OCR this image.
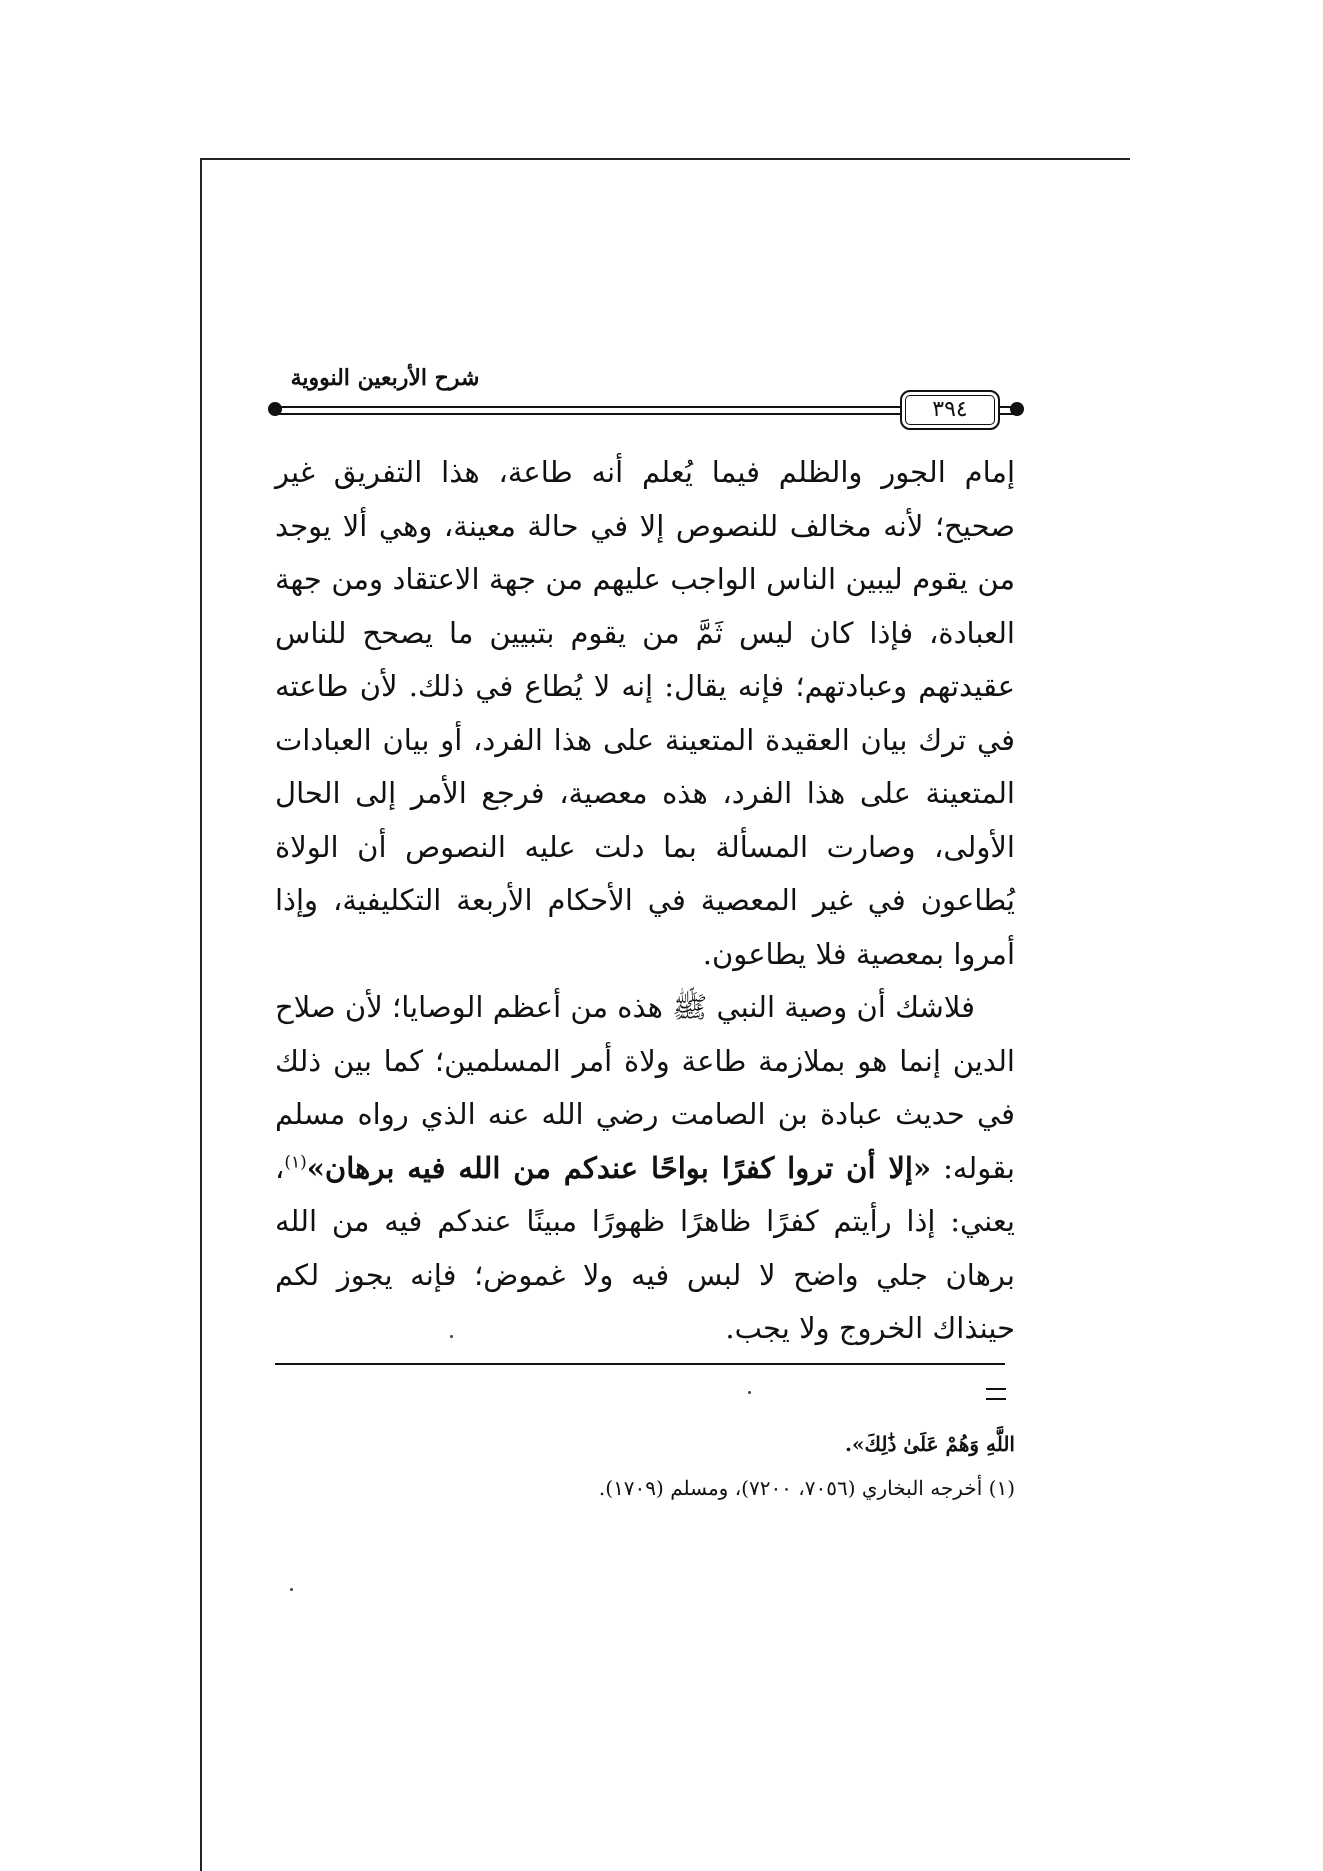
شرح الأربعين النووية
٣٩٤

إمام الجور والظلم فيما يُعلم أنه طاعة، هذا التفريق غير صحيح؛ لأنه مخالف للنصوص إلا في حالة معينة، وهي ألا يوجد من يقوم ليبين الناس الواجب عليهم من جهة الاعتقاد ومن جهة العبادة، فإذا كان ليس ثَمَّ من يقوم بتبيين ما يصحح للناس عقيدتهم وعبادتهم؛ فإنه يقال: إنه لا يُطاع في ذلك. لأن طاعته في ترك بيان العقيدة المتعينة على هذا الفرد، أو بيان العبادات المتعينة على هذا الفرد، هذه معصية، فرجع الأمر إلى الحال الأولى، وصارت المسألة بما دلت عليه النصوص أن الولاة يُطاعون في غير المعصية في الأحكام الأربعة التكليفية، وإذا أمروا بمعصية فلا يطاعون.

فلاشك أن وصية النبي ﷺ هذه من أعظم الوصايا؛ لأن صلاح الدين إنما هو بملازمة طاعة ولاة أمر المسلمين؛ كما بين ذلك في حديث عبادة بن الصامت رضي الله عنه الذي رواه مسلم بقوله: «إلا أن تروا كفرًا بواحًا عندكم من الله فيه برهان»$^{(١)}$، يعني: إذا رأيتم كفرًا ظاهرًا ظهورًا مبينًا عندكم فيه من الله برهان جلي واضح لا لبس فيه ولا غموض؛ فإنه يجوز لكم حينذاك الخروج ولا يجب.

اللَّهِ وَهُمْ عَلَىٰ ذَٰلِكَ».

(١) أخرجه البخاري (٧٠٥٦، ٧٢٠٠)، ومسلم (١٧٠٩).
